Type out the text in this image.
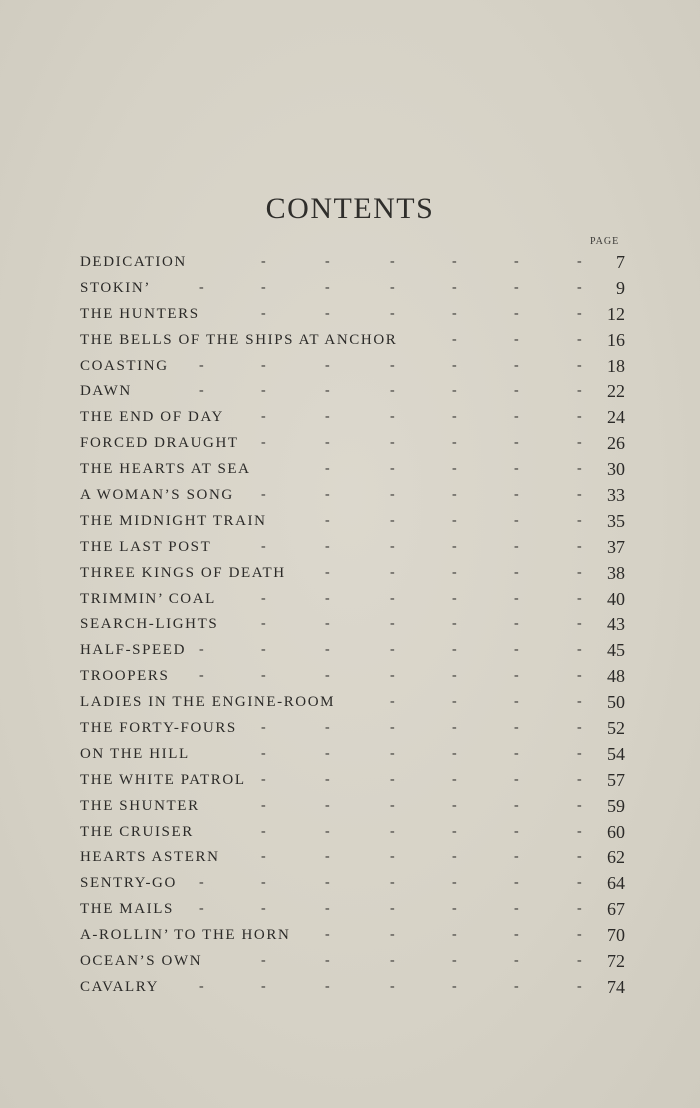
CONTENTS
PAGE
DEDICATION	7
-	-	-	-	-	-
STOKIN’	9
-	-	-	-	-	-	-
THE HUNTERS	12
-	-	-	-	-	-
THE BELLS OF THE SHIPS AT ANCHOR	16
-	-	-
COASTING	18
-	-	-	-	-	-	-
DAWN	22
-	-	-	-	-	-	-
THE END OF DAY	24
-	-	-	-	-	-
FORCED DRAUGHT	26
-	-	-	-	-	-
THE HEARTS AT SEA	30
-	-	-	-	-
A WOMAN’S SONG	33
-	-	-	-	-	-
THE MIDNIGHT TRAIN	35
-	-	-	-	-
THE LAST POST	37
-	-	-	-	-	-
THREE KINGS OF DEATH	38
-	-	-	-	-
TRIMMIN’ COAL	40
-	-	-	-	-	-
SEARCH-LIGHTS	43
-	-	-	-	-	-
HALF-SPEED	45
-	-	-	-	-	-	-
TROOPERS	48
-	-	-	-	-	-	-
LADIES IN THE ENGINE-ROOM	50
-	-	-	-
THE FORTY-FOURS	52
-	-	-	-	-	-
ON THE HILL	54
-	-	-	-	-	-
THE WHITE PATROL	57
-	-	-	-	-	-
THE SHUNTER	59
-	-	-	-	-	-
THE CRUISER	60
-	-	-	-	-	-
HEARTS ASTERN	62
-	-	-	-	-	-
SENTRY-GO	64
-	-	-	-	-	-	-
THE MAILS	67
-	-	-	-	-	-	-
A-ROLLIN’ TO THE HORN	70
-	-	-	-	-
OCEAN’S OWN	72
-	-	-	-	-	-
CAVALRY	74
-	-	-	-	-	-	-
